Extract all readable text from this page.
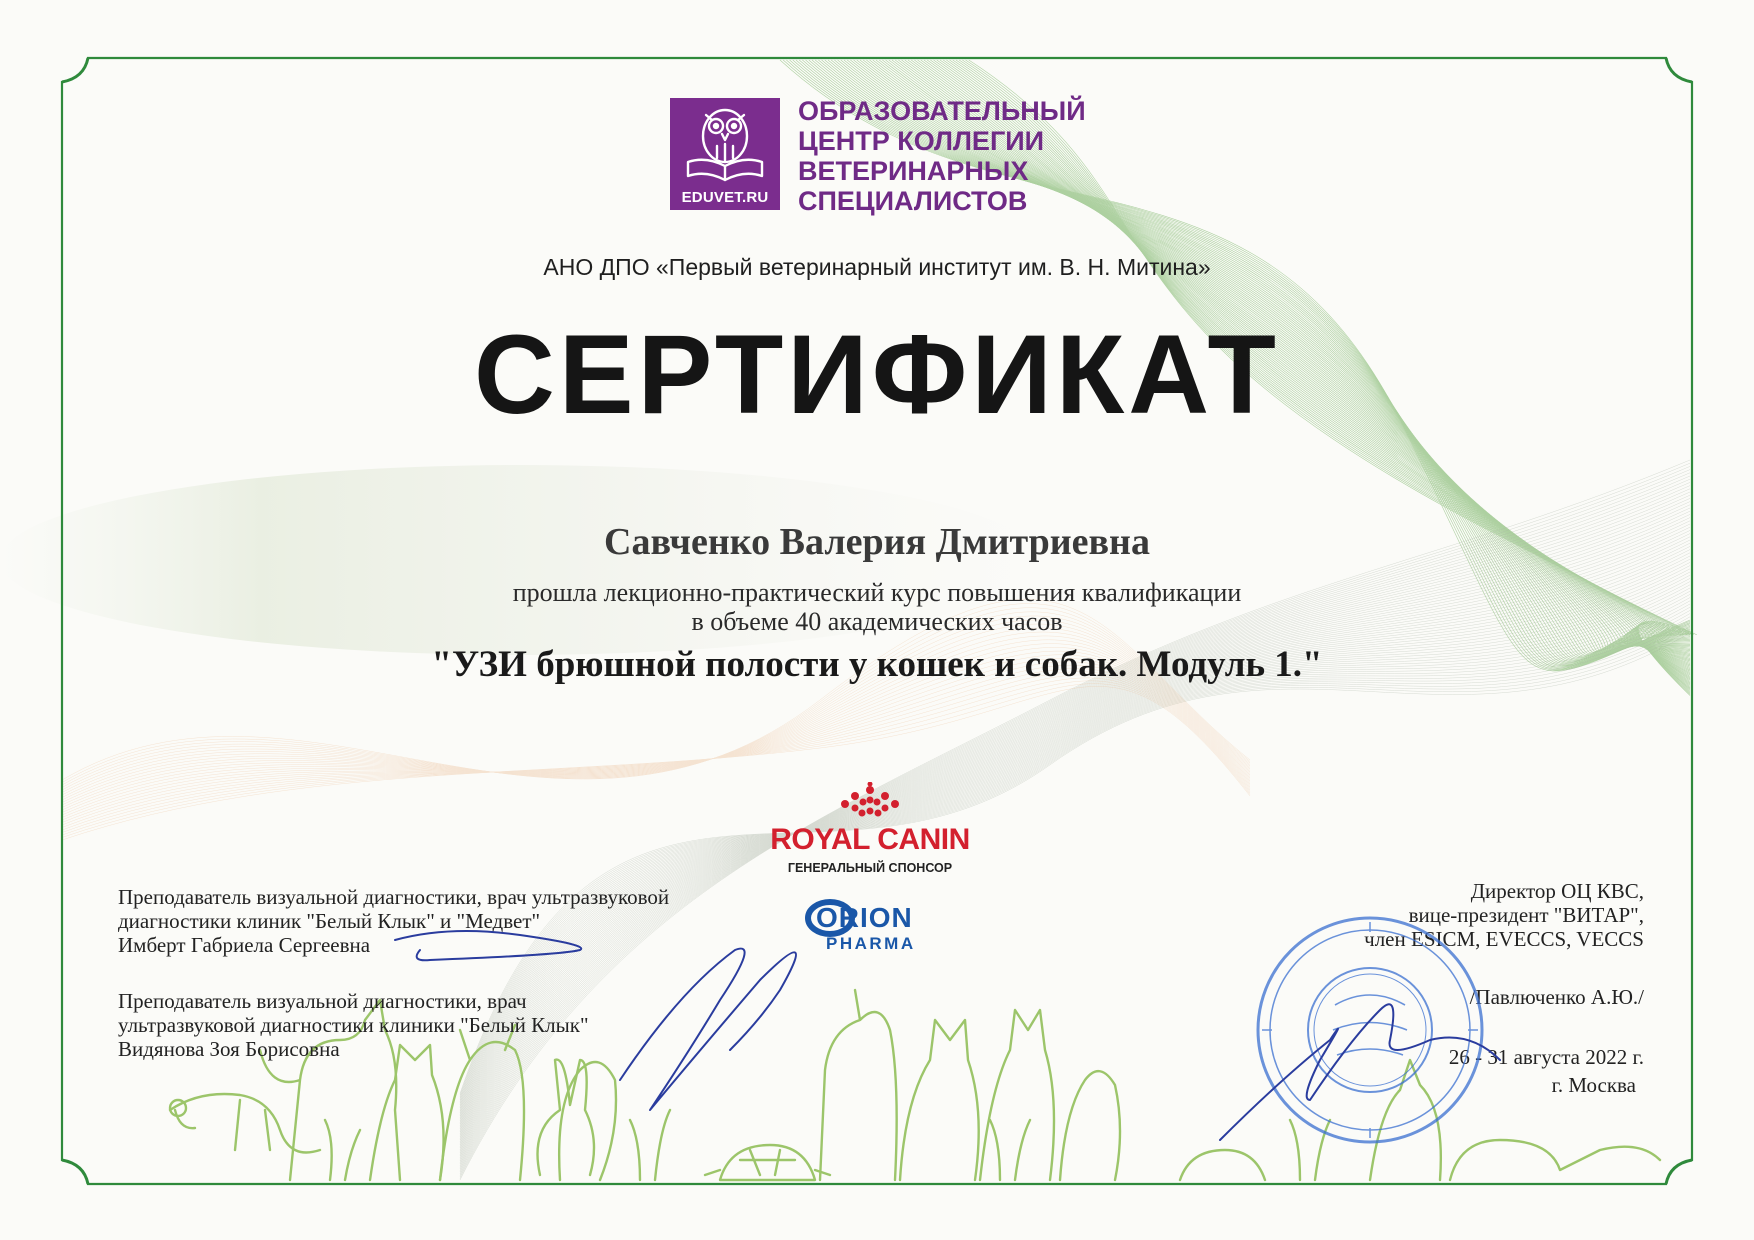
EDUVET.RU
ОБРАЗОВАТЕЛЬНЫЙ
ЦЕНТР КОЛЛЕГИИ
ВЕТЕРИНАРНЫХ
СПЕЦИАЛИСТОВ
АНО ДПО «Первый ветеринарный институт им. В. Н. Митина»
СЕРТИФИКАТ
Савченко Валерия Дмитриевна
прошла лекционно-практический курс повышения квалификации
в объеме 40 академических часов
"УЗИ брюшной полости у кошек и собак. Модуль 1."
ROYAL CANIN
ГЕНЕРАЛЬНЫЙ СПОНСОР
ORION
PHARMA
Преподаватель визуальной диагностики, врач ультразвуковой
диагностики клиник "Белый Клык" и "Медвет"
Имберт Габриела Сергеевна
Преподаватель визуальной диагностики, врач
ультразвуковой диагностики клиники "Белый Клык"
Видянова Зоя Борисовна
Директор ОЦ КВС,
вице-президент "ВИТАР",
член ESICM, EVECCS, VECCS
/Павлюченко А.Ю./
26 - 31 августа 2022 г.
г. Москва
